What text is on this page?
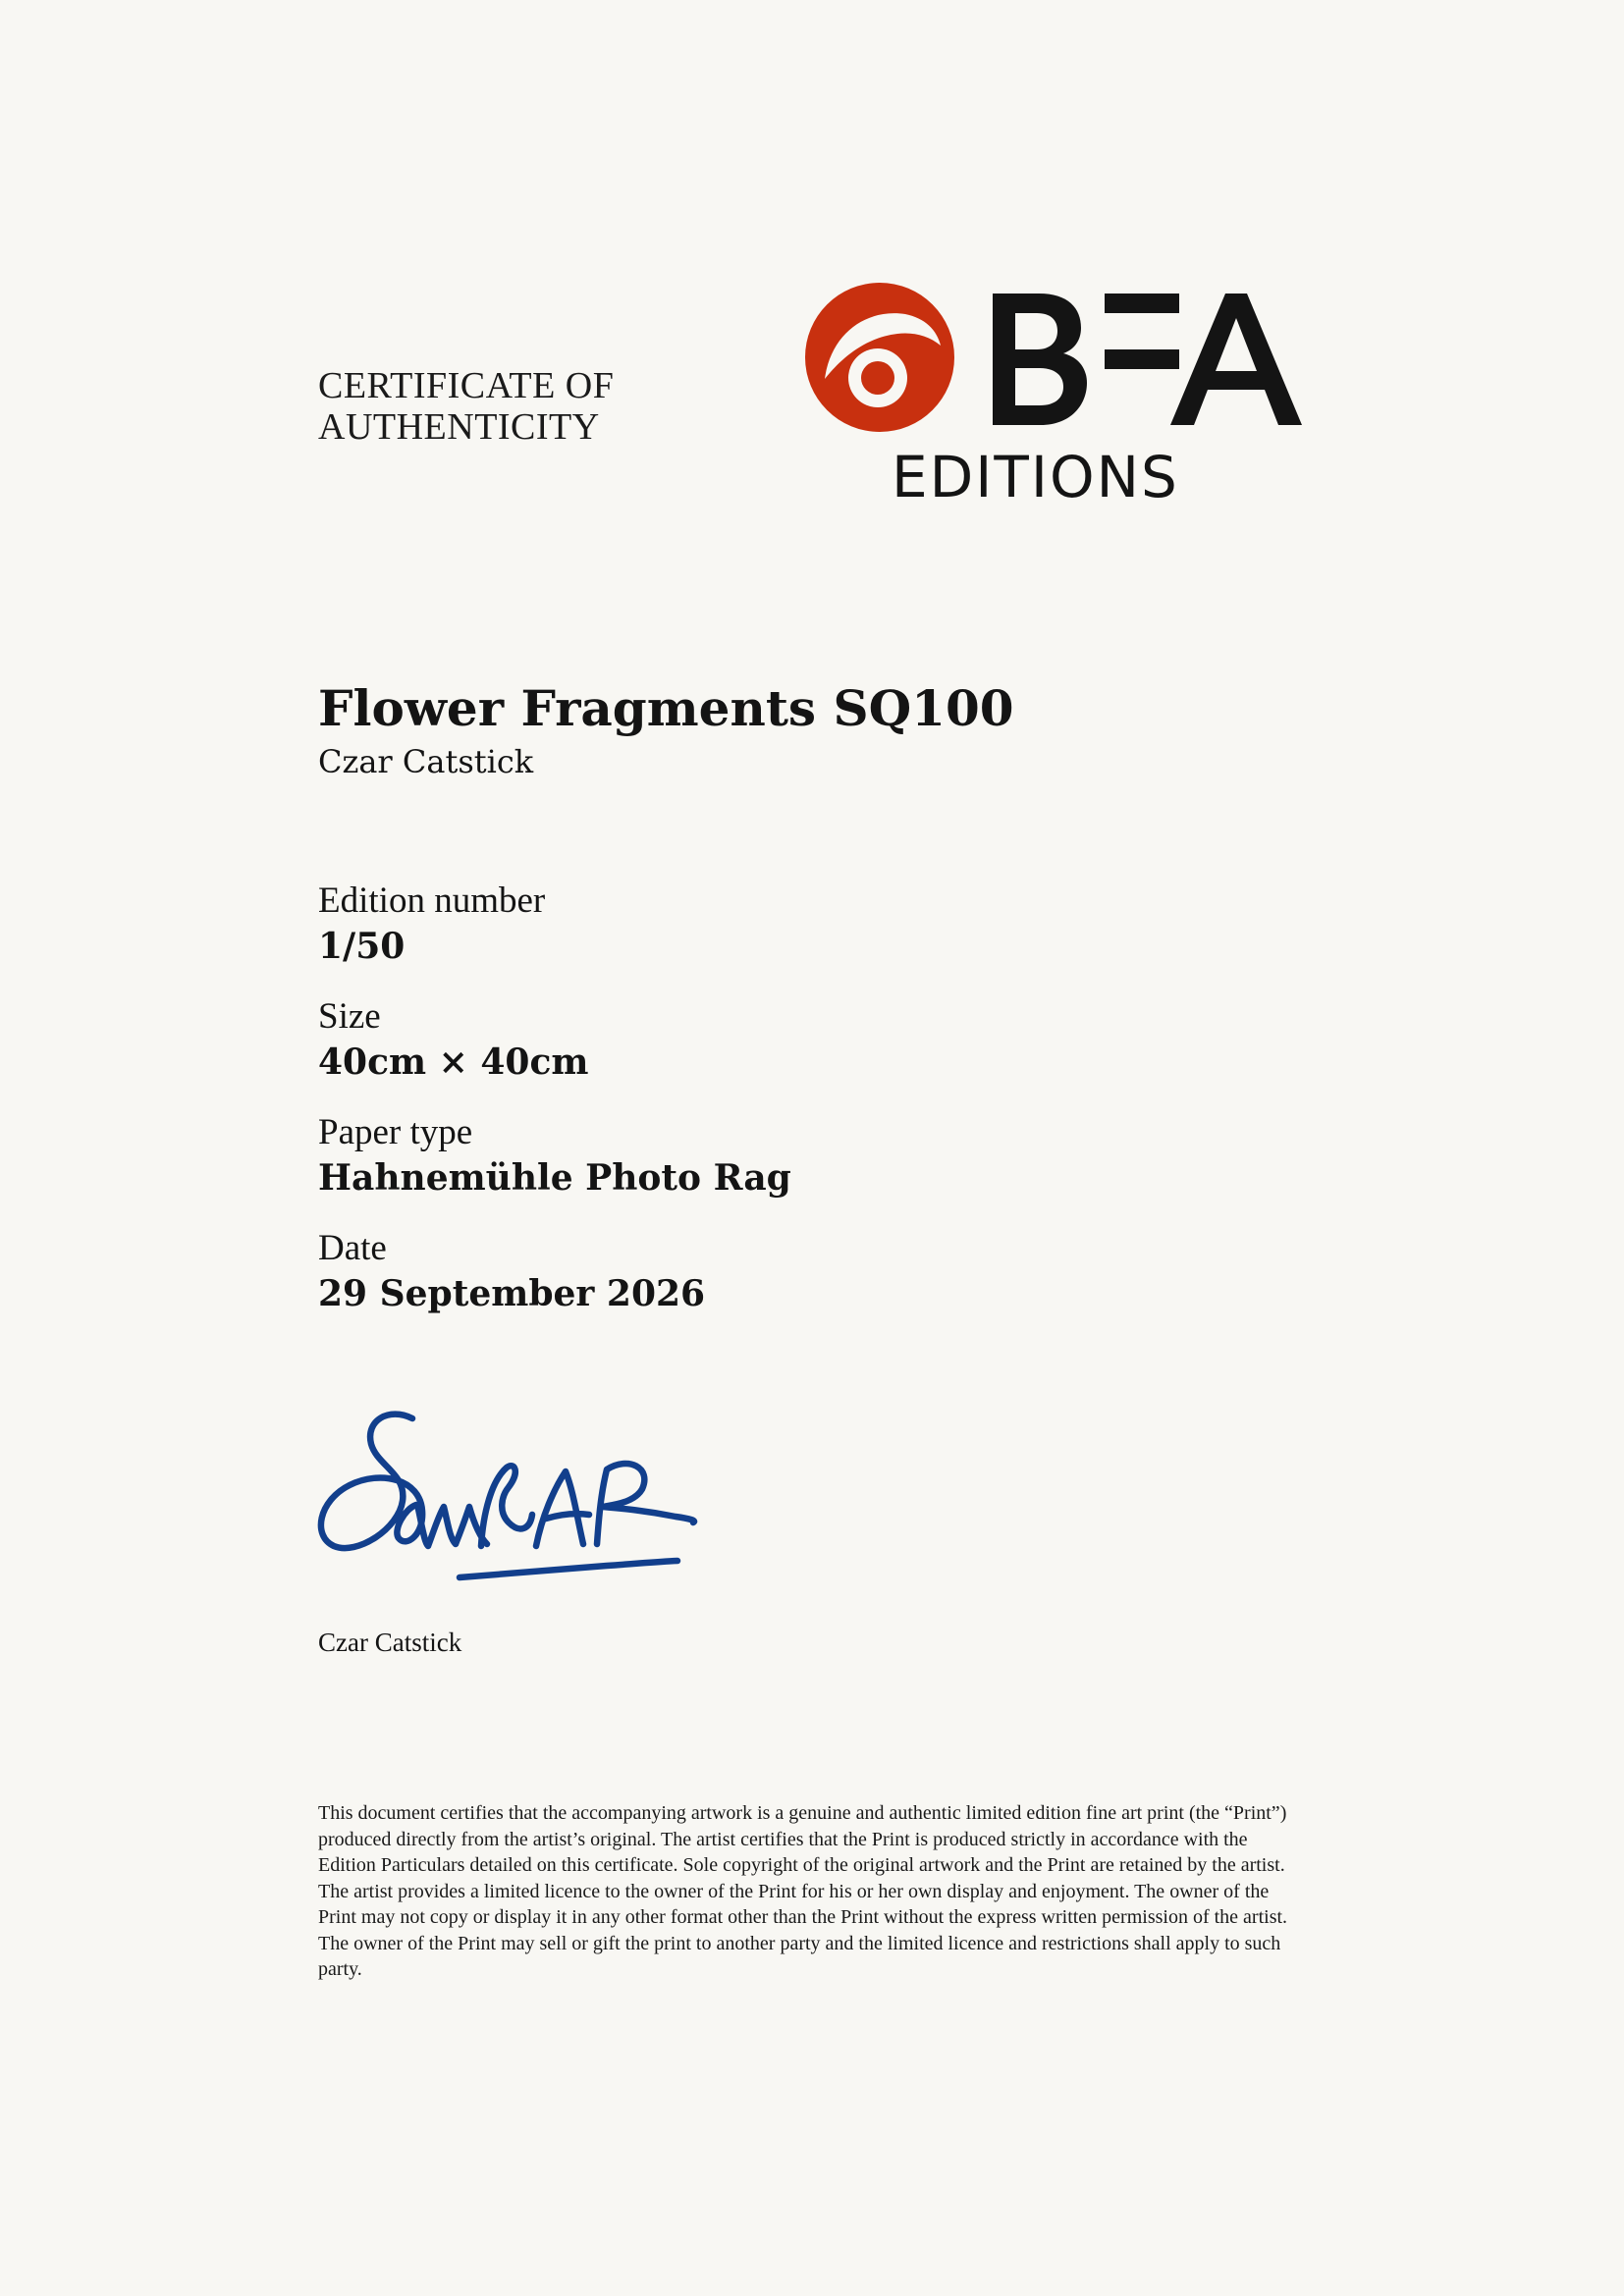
CERTIFICATE OF
AUTHENTICITY
EDITIONS
Flower Fragments SQ100

Czar Catstick

Edition number
1/50
Size
40cm × 40cm
Paper type
Hahnemühle Photo Rag
Date
29 September 2026
Czar Catstick

This document certifies that the accompanying artwork is a genuine and authentic limited edition fine art print (the “Print”) produced directly from the artist’s original. The artist certifies that the Print is produced strictly in accordance with the Edition Particulars detailed on this certificate. Sole copyright of the original artwork and the Print are retained by the artist. The artist provides a limited licence to the owner of the Print for his or her own display and enjoyment. The owner of the Print may not copy or display it in any other format other than the Print without the express written permission of the artist. The owner of the Print may sell or gift the print to another party and the limited licence and restrictions shall apply to such party.
